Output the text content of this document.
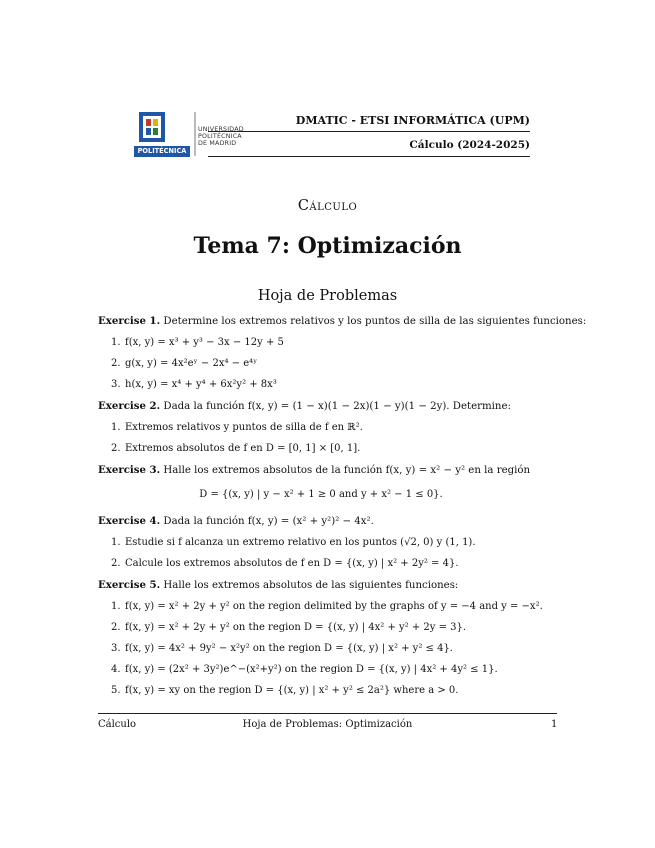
POLITÉCNICA
UNIVERSIDAD
POLITÉCNICA
DE MADRID
DMATIC - ETSI INFORMÁTICA (UPM)
Cálculo (2024-2025)
Cálculo
Tema 7: Optimización
Hoja de Problemas
Exercise 1. Determine los extremos relativos y los puntos de silla de las siguientes funciones:
1. f(x, y) = x³ + y³ − 3x − 12y + 5
2. g(x, y) = 4x²eʸ − 2x⁴ − e⁴ʸ
3. h(x, y) = x⁴ + y⁴ + 6x²y² + 8x³
Exercise 2. Dada la función f(x, y) = (1 − x)(1 − 2x)(1 − y)(1 − 2y). Determine:
1. Extremos relativos y puntos de silla de f en ℝ².
2. Extremos absolutos de f en D = [0, 1] × [0, 1].
Exercise 3. Halle los extremos absolutos de la función f(x, y) = x² − y² en la región
D = {(x, y) | y − x² + 1 ≥ 0 and y + x² − 1 ≤ 0}.
Exercise 4. Dada la función f(x, y) = (x² + y²)² − 4x².
1. Estudie si f alcanza un extremo relativo en los puntos (√2, 0) y (1, 1).
2. Calcule los extremos absolutos de f en D = {(x, y) | x² + 2y² = 4}.
Exercise 5. Halle los extremos absolutos de las siguientes funciones:
1. f(x, y) = x² + 2y + y² on the region delimited by the graphs of y = −4 and y = −x².
2. f(x, y) = x² + 2y + y² on the region D = {(x, y) | 4x² + y² + 2y = 3}.
3. f(x, y) = 4x² + 9y² − x²y² on the region D = {(x, y) | x² + y² ≤ 4}.
4. f(x, y) = (2x² + 3y²)e^−(x²+y²) on the region D = {(x, y) | 4x² + 4y² ≤ 1}.
5. f(x, y) = xy on the region D = {(x, y) | x² + y² ≤ 2a²} where a > 0.
Cálculo	Hoja de Problemas: Optimización	1
